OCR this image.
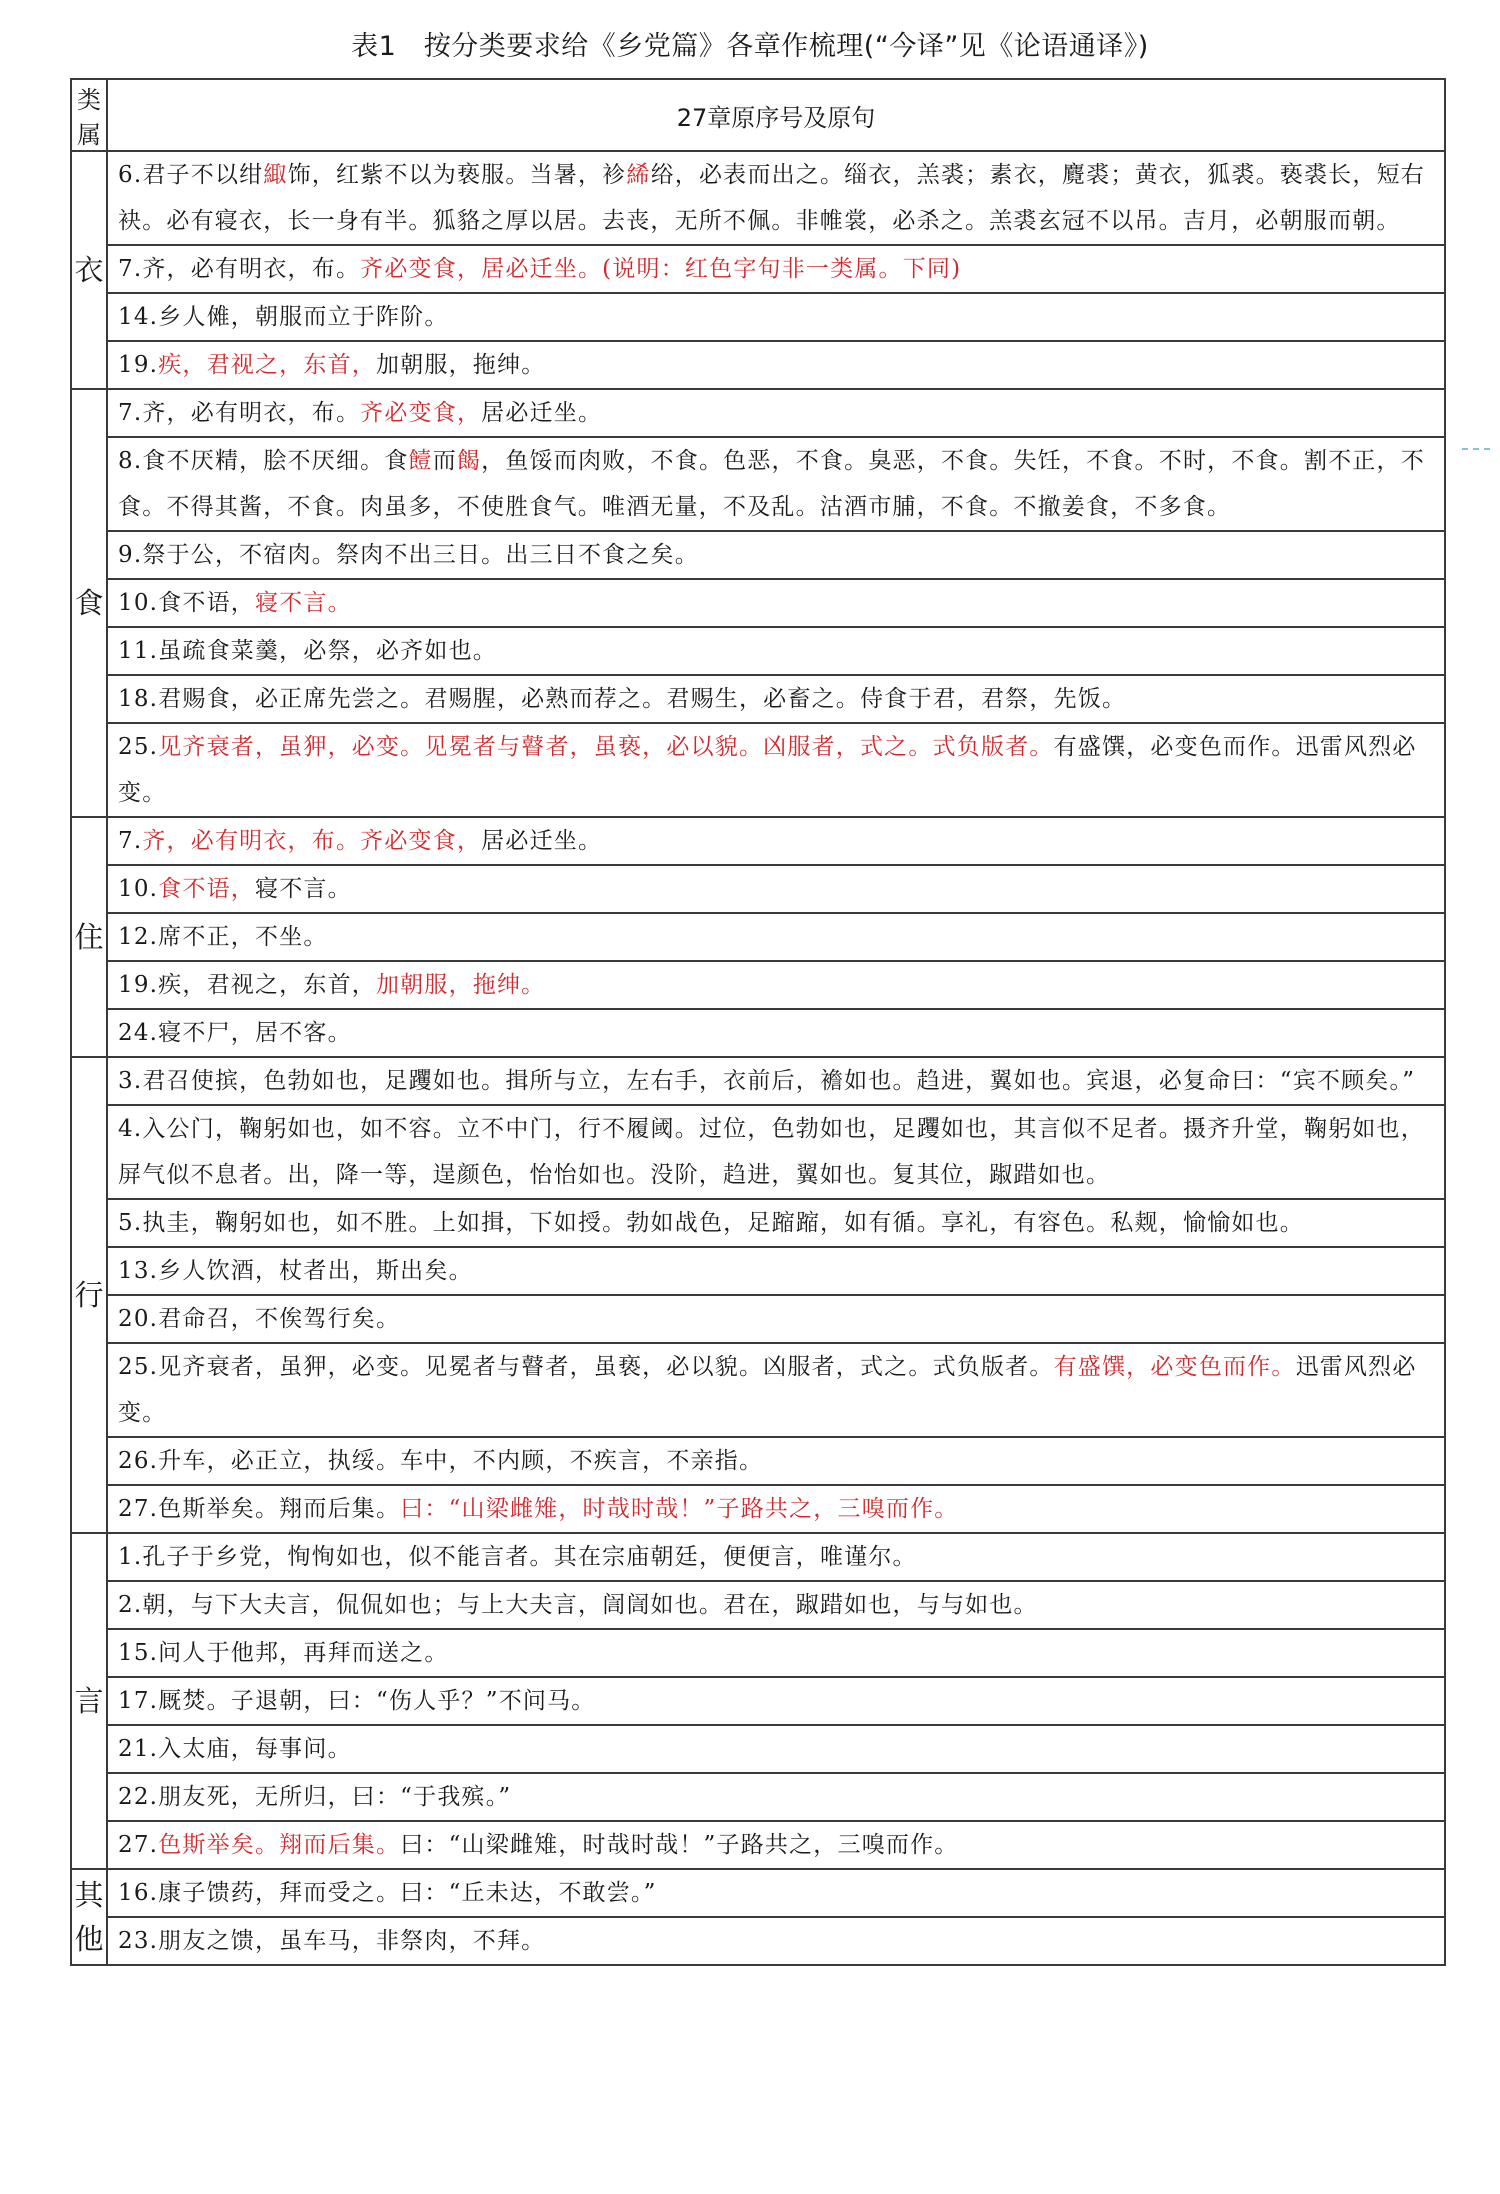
表1　按分类要求给《乡党篇》各章作梳理(“今译”见《论语通译》)
类属	27章原序号及原句

衣	6.君子不以绀緅饰，红紫不以为亵服。当暑，袗絺绤，必表而出之。缁衣，羔裘；素衣，麑裘；黄衣，狐裘。亵裘长，短右袂。必有寝衣，长一身有半。狐貉之厚以居。去丧，无所不佩。非帷裳，必杀之。羔裘玄冠不以吊。吉月，必朝服而朝。
	7.齐，必有明衣，布。齐必变食，居必迁坐。(说明：红色字句非一类属。下同)
	14.乡人傩，朝服而立于阼阶。
	19.疾，君视之，东首，加朝服，拖绅。

食	7.齐，必有明衣，布。齐必变食，居必迁坐。
	8.食不厌精，脍不厌细。食饐而餲，鱼馁而肉败，不食。色恶，不食。臭恶，不食。失饪，不食。不时，不食。割不正，不食。不得其酱，不食。肉虽多，不使胜食气。唯酒无量，不及乱。沽酒市脯，不食。不撤姜食，不多食。
	9.祭于公，不宿肉。祭肉不出三日。出三日不食之矣。
	10.食不语，寝不言。
	11.虽疏食菜羹，必祭，必齐如也。
	18.君赐食，必正席先尝之。君赐腥，必熟而荐之。君赐生，必畜之。侍食于君，君祭，先饭。
	25.见齐衰者，虽狎，必变。见冕者与瞽者，虽亵，必以貌。凶服者，式之。式负版者。有盛馔，必变色而作。迅雷风烈必变。

住	7.齐，必有明衣，布。齐必变食，居必迁坐。
	10.食不语，寝不言。
	12.席不正，不坐。
	19.疾，君视之，东首，加朝服，拖绅。
	24.寝不尸，居不客。

行	3.君召使摈，色勃如也，足躩如也。揖所与立，左右手，衣前后，襜如也。趋进，翼如也。宾退，必复命曰：“宾不顾矣。”
	4.入公门，鞠躬如也，如不容。立不中门，行不履阈。过位，色勃如也，足躩如也，其言似不足者。摄齐升堂，鞠躬如也，屏气似不息者。出，降一等，逞颜色，怡怡如也。没阶，趋进，翼如也。复其位，踧踖如也。
	5.执圭，鞠躬如也，如不胜。上如揖，下如授。勃如战色，足蹜蹜，如有循。享礼，有容色。私觌，愉愉如也。
	13.乡人饮酒，杖者出，斯出矣。
	20.君命召，不俟驾行矣。
	25.见齐衰者，虽狎，必变。见冕者与瞽者，虽亵，必以貌。凶服者，式之。式负版者。有盛馔，必变色而作。迅雷风烈必变。
	26.升车，必正立，执绥。车中，不内顾，不疾言，不亲指。
	27.色斯举矣。翔而后集。曰：“山梁雌雉，时哉时哉！”子路共之，三嗅而作。

言	1.孔子于乡党，恂恂如也，似不能言者。其在宗庙朝廷，便便言，唯谨尔。
	2.朝，与下大夫言，侃侃如也；与上大夫言，訚訚如也。君在，踧踖如也，与与如也。
	15.问人于他邦，再拜而送之。
	17.厩焚。子退朝，曰：“伤人乎？”不问马。
	21.入太庙，每事问。
	22.朋友死，无所归，曰：“于我殡。”
	27.色斯举矣。翔而后集。曰：“山梁雌雉，时哉时哉！”子路共之，三嗅而作。

其他	16.康子馈药，拜而受之。曰：“丘未达，不敢尝。”
	23.朋友之馈，虽车马，非祭肉，不拜。
